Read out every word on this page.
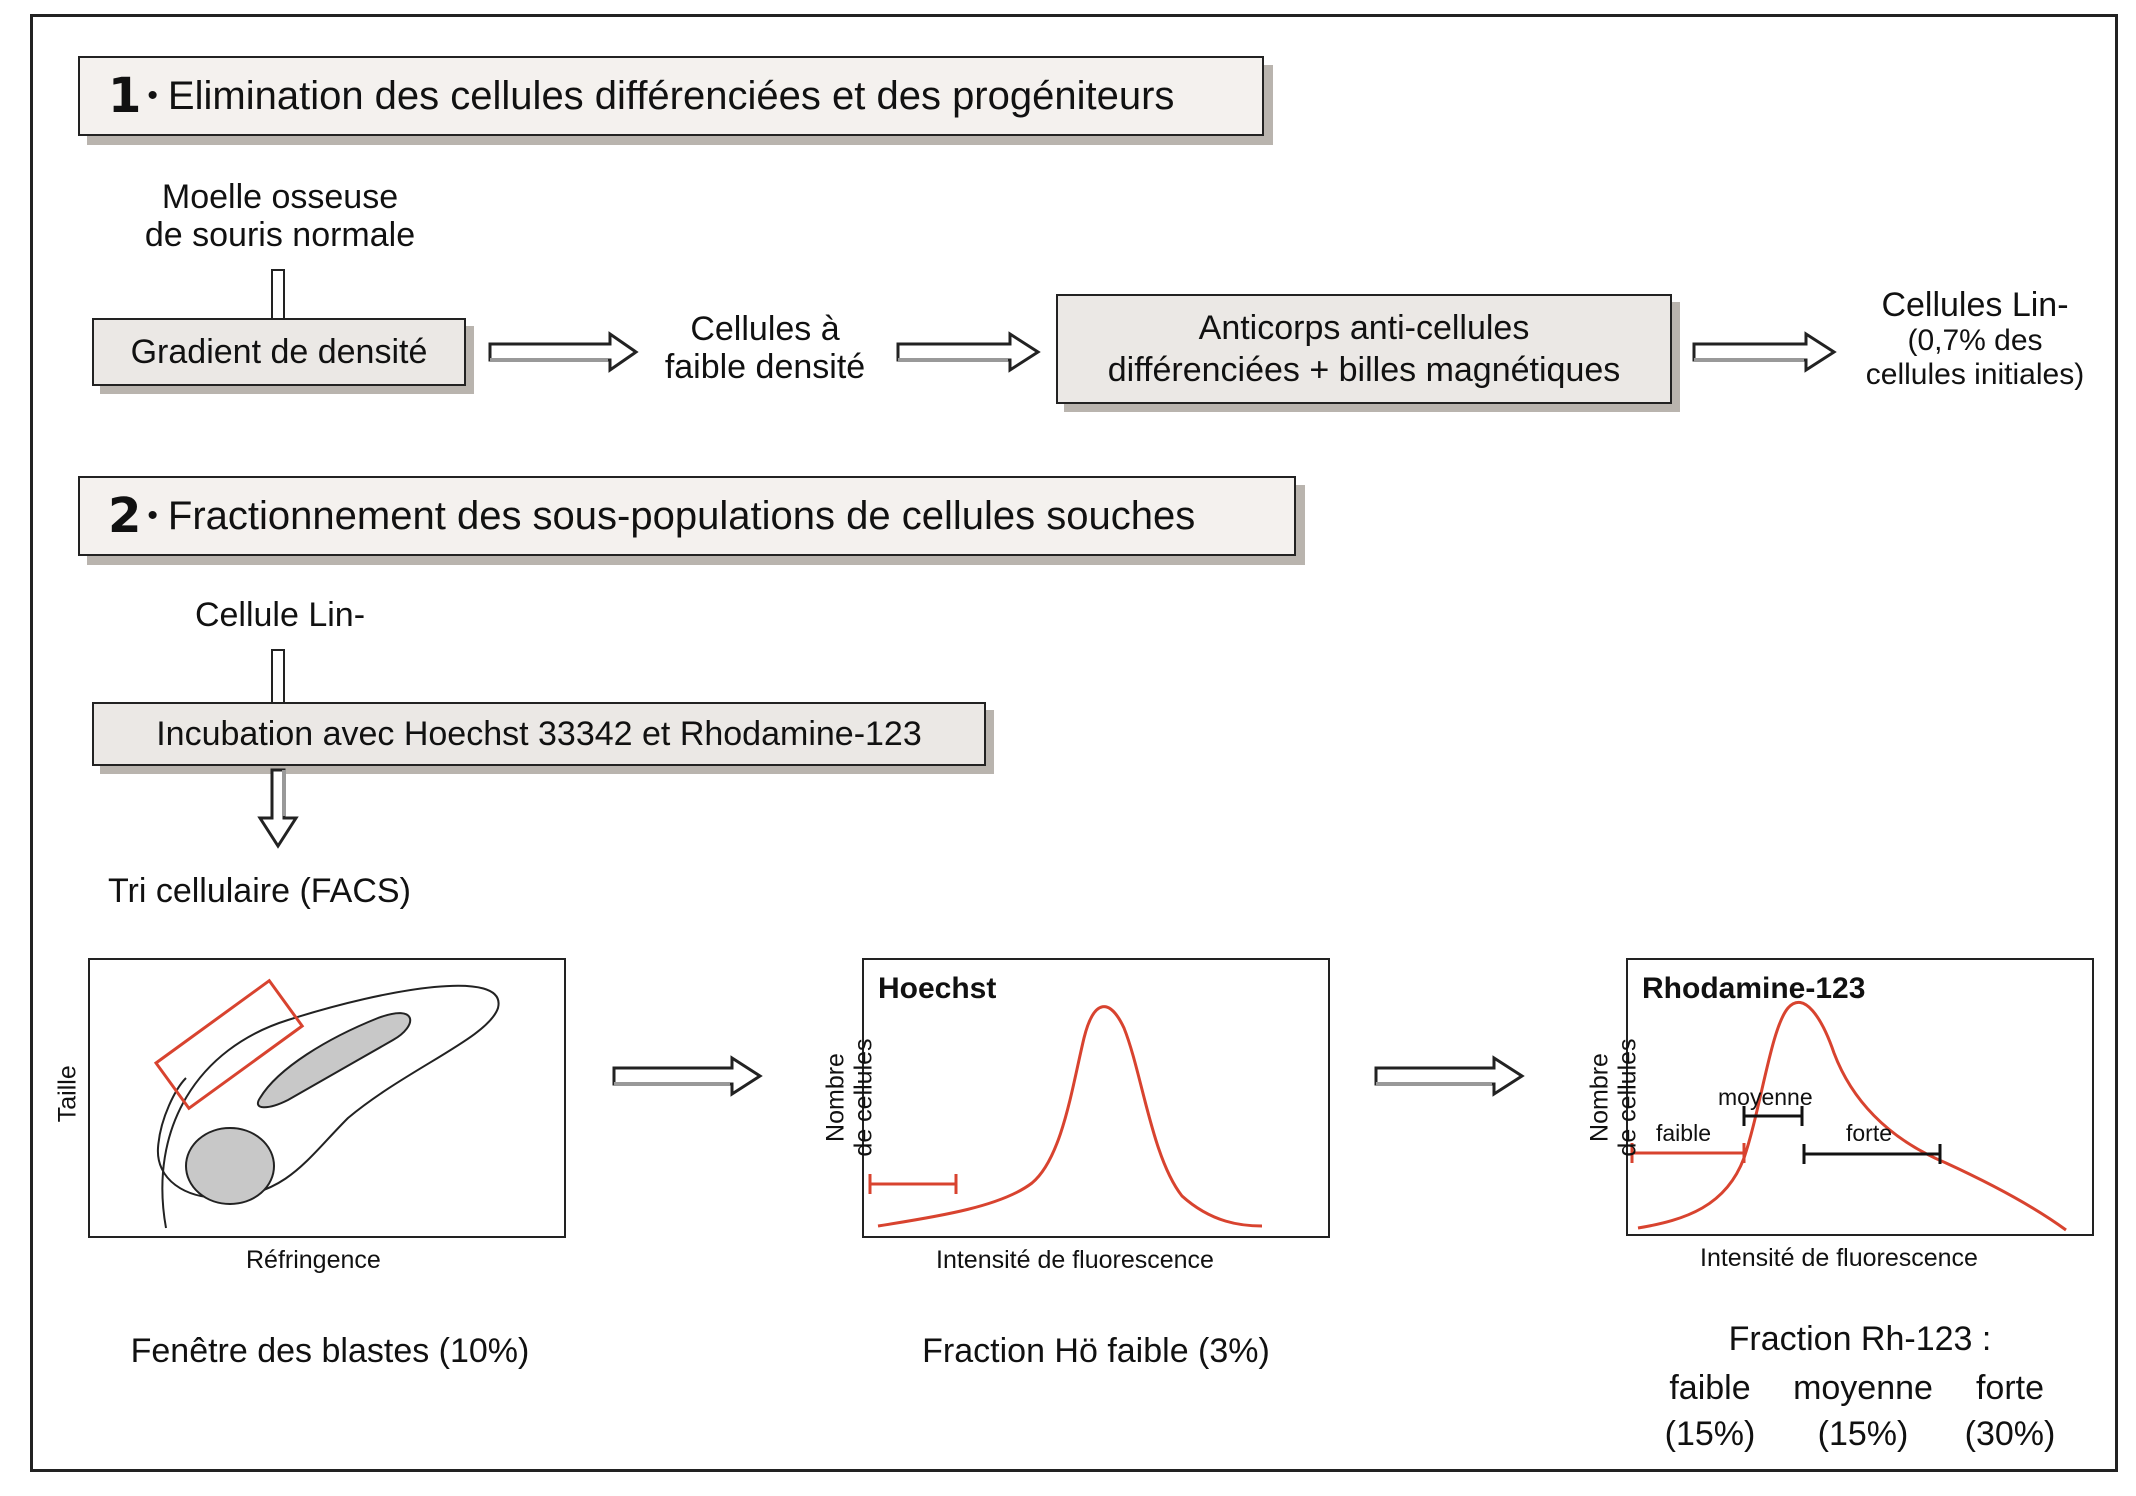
1 • Elimination des cellules différenciées et des progéniteurs
Moelle osseuse
de souris normale
Gradient de densité
Cellules à
faible densité
Anticorps anti-cellules
différenciées + billes magnétiques
Cellules Lin-
(0,7% des
cellules initiales)
2 • Fractionnement des sous-populations de cellules souches
Cellule Lin-
Incubation avec Hoechst 33342 et Rhodamine-123
Tri cellulaire (FACS)
Taille
Réfringence
Fenêtre des blastes (10%)
Hoechst
Nombre de cellules
Intensité de fluorescence
Fraction Hö faible (3%)
Rhodamine-123
faible
moyenne
forte
Nombre de cellules
Intensité de fluorescence
Fraction Rh-123 :
faible
(15%)
moyenne
(15%)
forte
(30%)
